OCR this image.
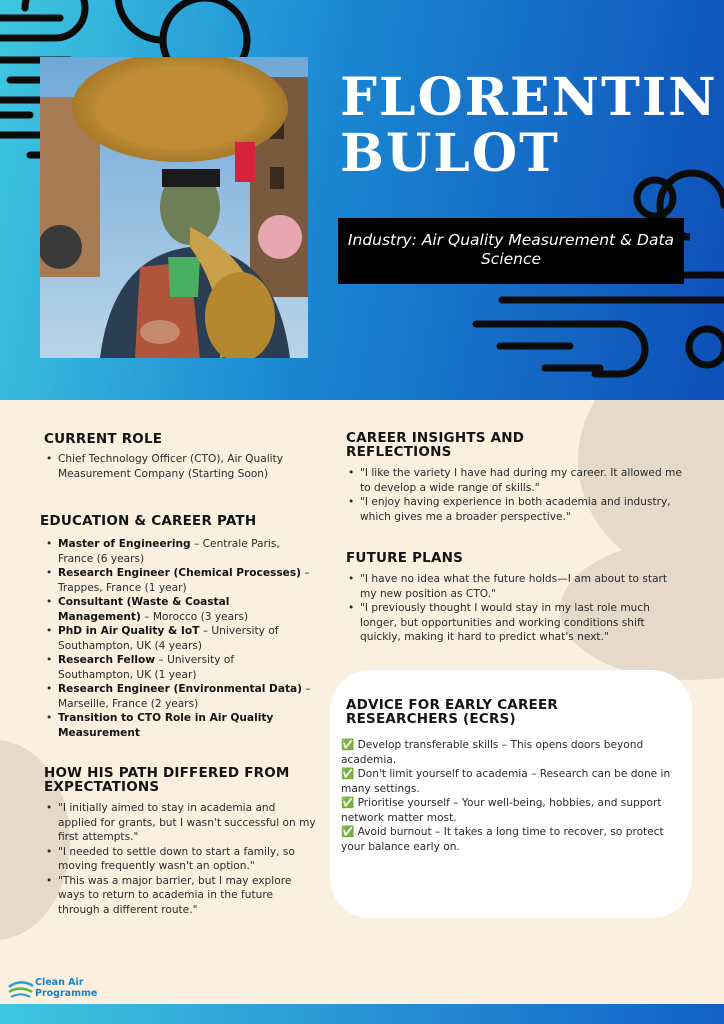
FLORENTIN
BULOT
Industry: Air Quality Measurement & Data Science
CURRENT ROLE
• Chief Technology Officer (CTO), Air Quality Measurement Company (Starting Soon)
EDUCATION & CAREER PATH
• Master of Engineering – Centrale Paris, France (6 years)
• Research Engineer (Chemical Processes) – Trappes, France (1 year)
• Consultant (Waste & Coastal Management) – Morocco (3 years)
• PhD in Air Quality & IoT – University of Southampton, UK (4 years)
• Research Fellow – University of Southampton, UK (1 year)
• Research Engineer (Environmental Data) – Marseille, France (2 years)
• Transition to CTO Role in Air Quality Measurement
HOW HIS PATH DIFFERED FROM EXPECTATIONS
• "I initially aimed to stay in academia and applied for grants, but I wasn't successful on my first attempts."
• "I needed to settle down to start a family, so moving frequently wasn't an option."
• "This was a major barrier, but I may explore ways to return to academia in the future through a different route."
CAREER INSIGHTS AND REFLECTIONS
• "I like the variety I have had during my career. It allowed me to develop a wide range of skills."
• "I enjoy having experience in both academia and industry, which gives me a broader perspective."
FUTURE PLANS
• "I have no idea what the future holds—I am about to start my new position as CTO."
• "I previously thought I would stay in my last role much longer, but opportunities and working conditions shift quickly, making it hard to predict what's next."
ADVICE FOR EARLY CAREER RESEARCHERS (ECRS)

✅ Develop transferable skills – This opens doors beyond academia.

✅ Don't limit yourself to academia – Research can be done in many settings.

✅ Prioritise yourself – Your well-being, hobbies, and support network matter most.

✅ Avoid burnout – It takes a long time to recover, so protect your balance early on.

Clean Air
Programme
